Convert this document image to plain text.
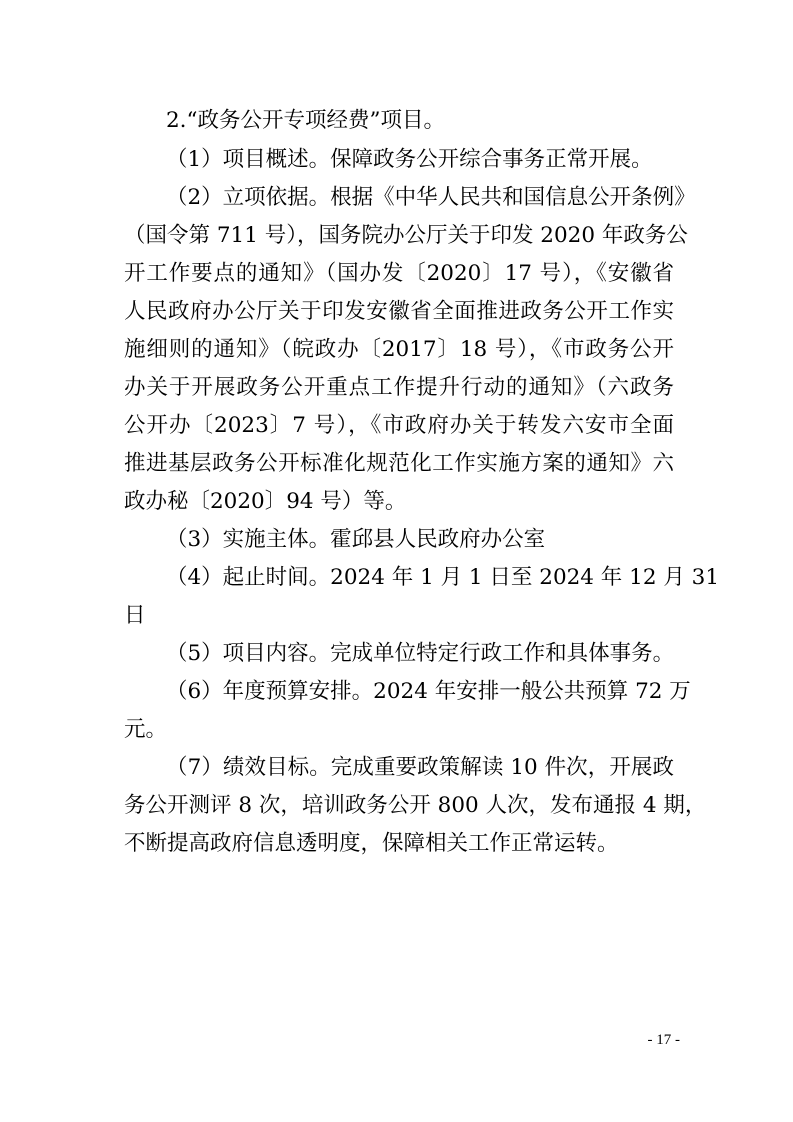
2.“政务公开专项经费”项目。

（1）项目概述。保障政务公开综合事务正常开展。

（2）立项依据。根据《中华人民共和国信息公开条例》

（国令第 711 号），国务院办公厅关于印发 2020 年政务公

开工作要点的通知》（国办发〔2020〕17 号），《安徽省

人民政府办公厅关于印发安徽省全面推进政务公开工作实

施细则的通知》（皖政办〔2017〕18 号），《市政务公开

办关于开展政务公开重点工作提升行动的通知》（六政务

公开办〔2023〕7 号），《市政府办关于转发六安市全面

推进基层政务公开标准化规范化工作实施方案的通知》六

政办秘〔2020〕94 号）等。

（3）实施主体。霍邱县人民政府办公室

（4）起止时间。2024 年 1 月 1 日至 2024 年 12 月 31

日

（5）项目内容。完成单位特定行政工作和具体事务。

（6）年度预算安排。2024 年安排一般公共预算 72 万

元。

（7）绩效目标。完成重要政策解读 10 件次，开展政

务公开测评 8 次，培训政务公开 800 人次，发布通报 4 期，

不断提高政府信息透明度，保障相关工作正常运转。

- 17 -
